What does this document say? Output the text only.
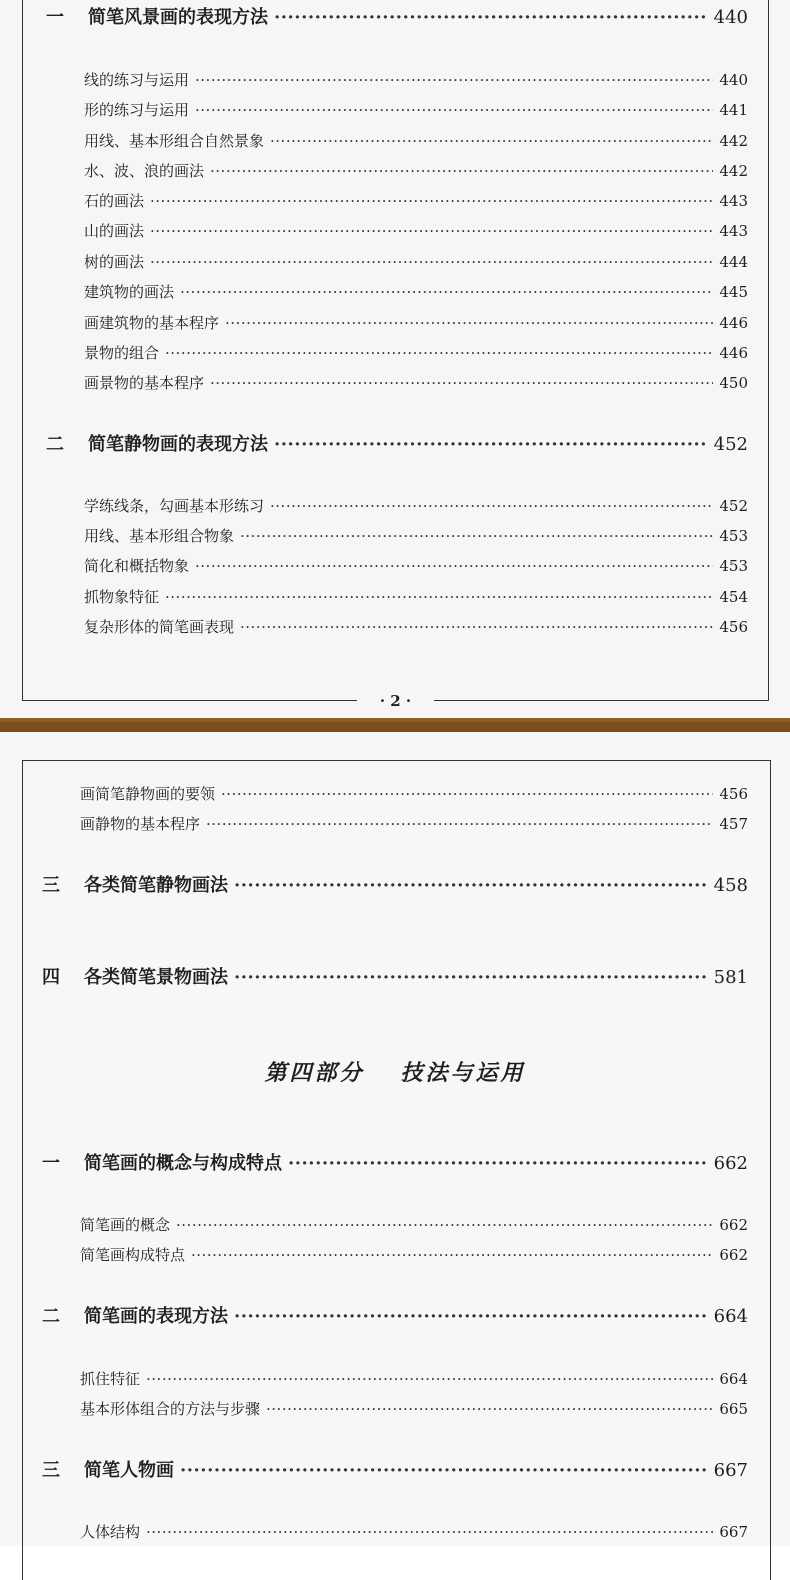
· 2 ·
第四部分 技法与运用
一 简笔风景画的表现方法 ·····	440
线的练习与运用 ·····	440
形的练习与运用 ·····	441
用线、基本形组合自然景象 ·····	442
水、波、浪的画法 ·····	442
石的画法 ·····	443
山的画法 ·····	443
树的画法 ·····	444
建筑物的画法 ·····	445
画建筑物的基本程序 ·····	446
景物的组合 ·····	446
画景物的基本程序 ·····	450
二 简笔静物画的表现方法 ·····	452
学练线条，勾画基本形练习 ·····	452
用线、基本形组合物象 ·····	453
简化和概括物象 ·····	453
抓物象特征 ·····	454
复杂形体的简笔画表现 ·····	456
画简笔静物画的要领 ·····	456
画静物的基本程序 ·····	457
三 各类简笔静物画法 ·····	458
四 各类简笔景物画法 ·····	581
一 简笔画的概念与构成特点 ·····	662
简笔画的概念 ·····	662
简笔画构成特点 ·····	662
二 简笔画的表现方法 ·····	664
抓住特征 ·····	664
基本形体组合的方法与步骤 ·····	665
三 简笔人物画 ·····	667
人体结构 ·····	667
